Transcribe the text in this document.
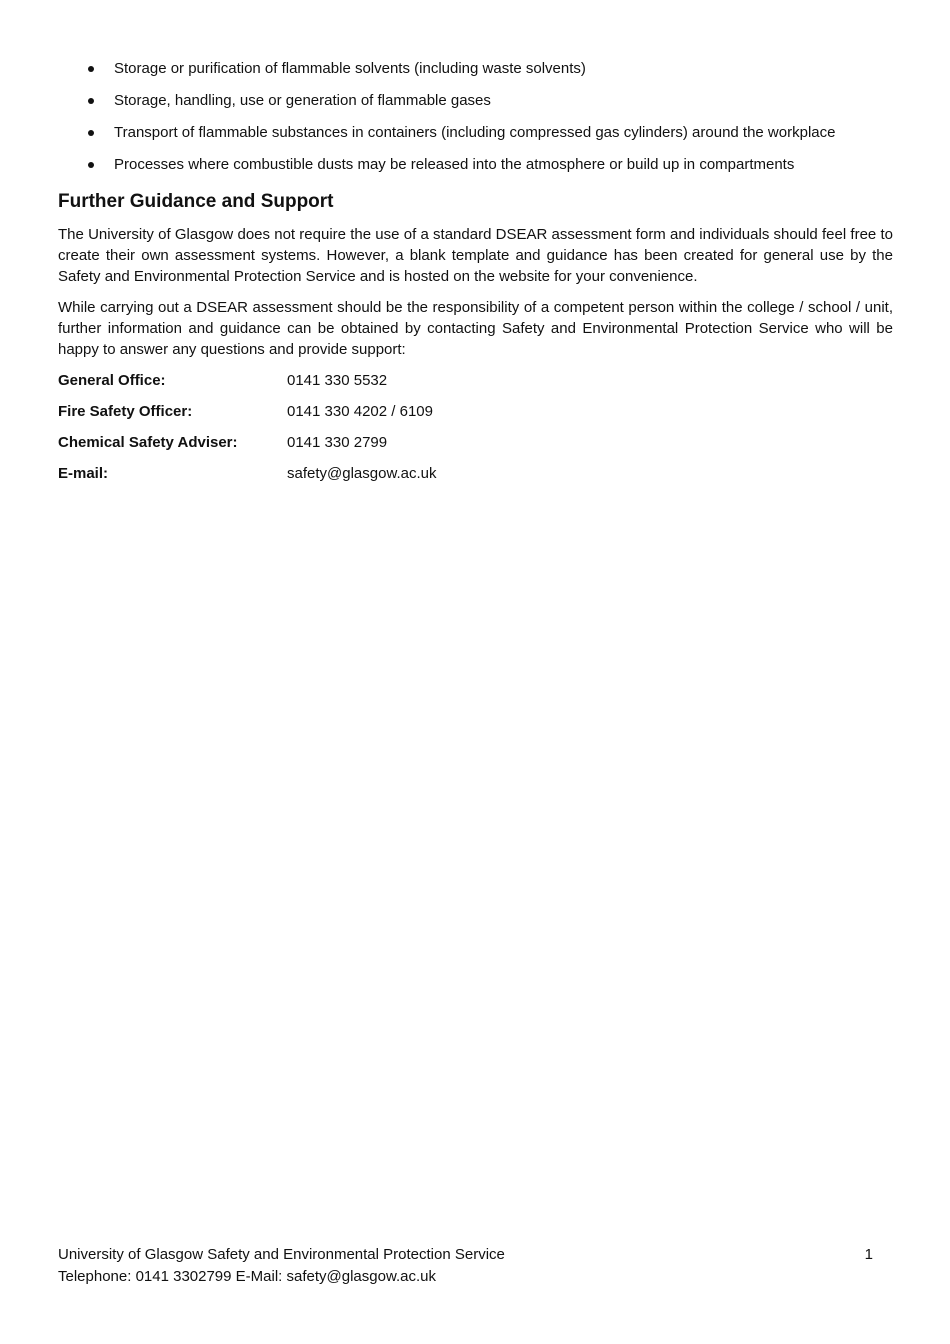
Storage or purification of flammable solvents (including waste solvents)
Storage, handling, use or generation of flammable gases
Transport of flammable substances in containers (including compressed gas cylinders) around the workplace
Processes where combustible dusts may be released into the atmosphere or build up in compartments
Further Guidance and Support

The University of Glasgow does not require the use of a standard DSEAR assessment form and individuals should feel free to create their own assessment systems. However, a blank template and guidance has been created for general use by the Safety and Environmental Protection Service and is hosted on the website for your convenience.

While carrying out a DSEAR assessment should be the responsibility of a competent person within the college / school / unit, further information and guidance can be obtained by contacting Safety and Environmental Protection Service who will be happy to answer any questions and provide support:

General Office:	0141 330 5532
Fire Safety Officer:	0141 330 4202 / 6109
Chemical Safety Adviser:	0141 330 2799
E-mail:	safety@glasgow.ac.uk
University of Glasgow Safety and Environmental Protection Service
Telephone: 0141 3302799 E-Mail: safety@glasgow.ac.uk
1
